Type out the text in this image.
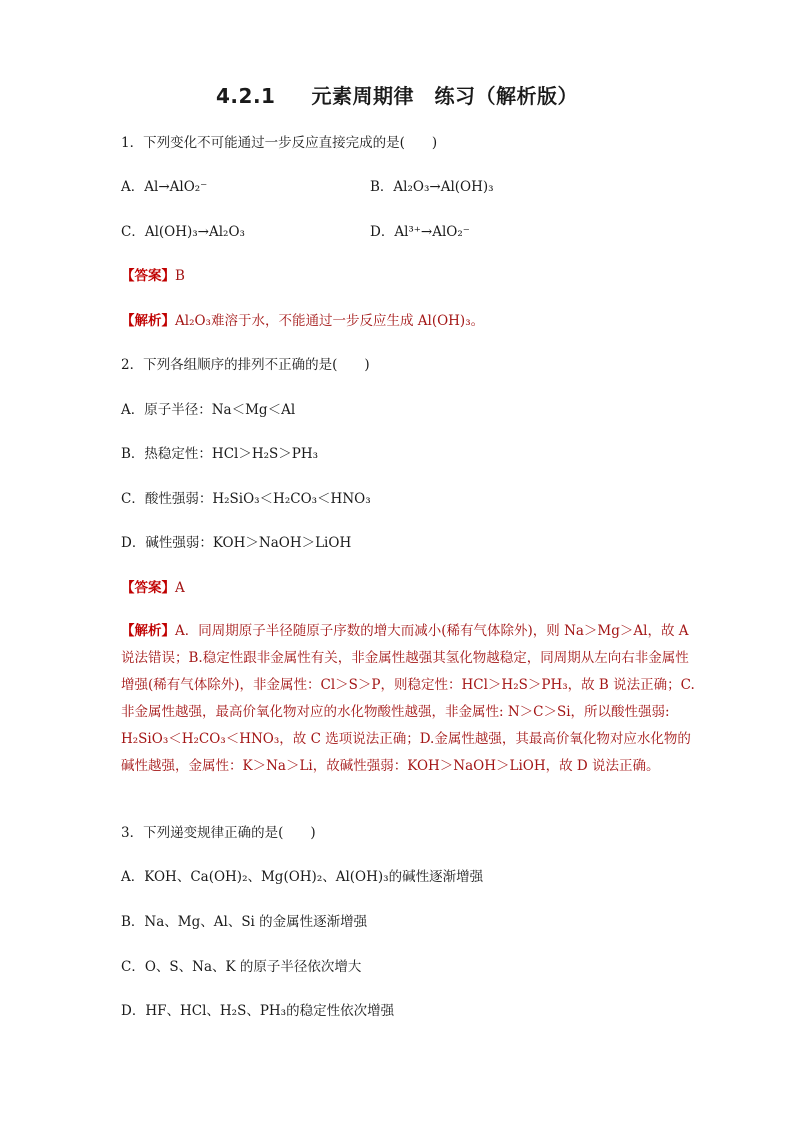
4.2.1 元素周期律　练习（解析版）
1．下列变化不可能通过一步反应直接完成的是(　　)
A．Al→AlO₂⁻	B．Al₂O₃→Al(OH)₃
C．Al(OH)₃→Al₂O₃	D．Al³⁺→AlO₂⁻
【答案】B
【解析】Al₂O₃难溶于水，不能通过一步反应生成 Al(OH)₃。
2．下列各组顺序的排列不正确的是(　　)
A．原子半径：Na＜Mg＜Al
B．热稳定性：HCl＞H₂S＞PH₃
C．酸性强弱：H₂SiO₃＜H₂CO₃＜HNO₃
D．碱性强弱：KOH＞NaOH＞LiOH
【答案】A
【解析】A．同周期原子半径随原子序数的增大而减小(稀有气体除外)，则 Na＞Mg＞Al，故 A 说法错误；B.稳定性跟非金属性有关，非金属性越强其氢化物越稳定，同周期从左向右非金属性增强(稀有气体除外)，非金属性：Cl＞S＞P，则稳定性：HCl＞H₂S＞PH₃，故 B 说法正确；C.非金属性越强，最高价氧化物对应的水化物酸性越强，非金属性: N＞C＞Si，所以酸性强弱: H₂SiO₃＜H₂CO₃＜HNO₃，故 C 选项说法正确；D.金属性越强，其最高价氧化物对应水化物的碱性越强，金属性：K＞Na＞Li，故碱性强弱：KOH＞NaOH＞LiOH，故 D 说法正确。
3．下列递变规律正确的是(　　)
A．KOH、Ca(OH)₂、Mg(OH)₂、Al(OH)₃的碱性逐渐增强
B．Na、Mg、Al、Si 的金属性逐渐增强
C．O、S、Na、K 的原子半径依次增大
D．HF、HCl、H₂S、PH₃的稳定性依次增强
